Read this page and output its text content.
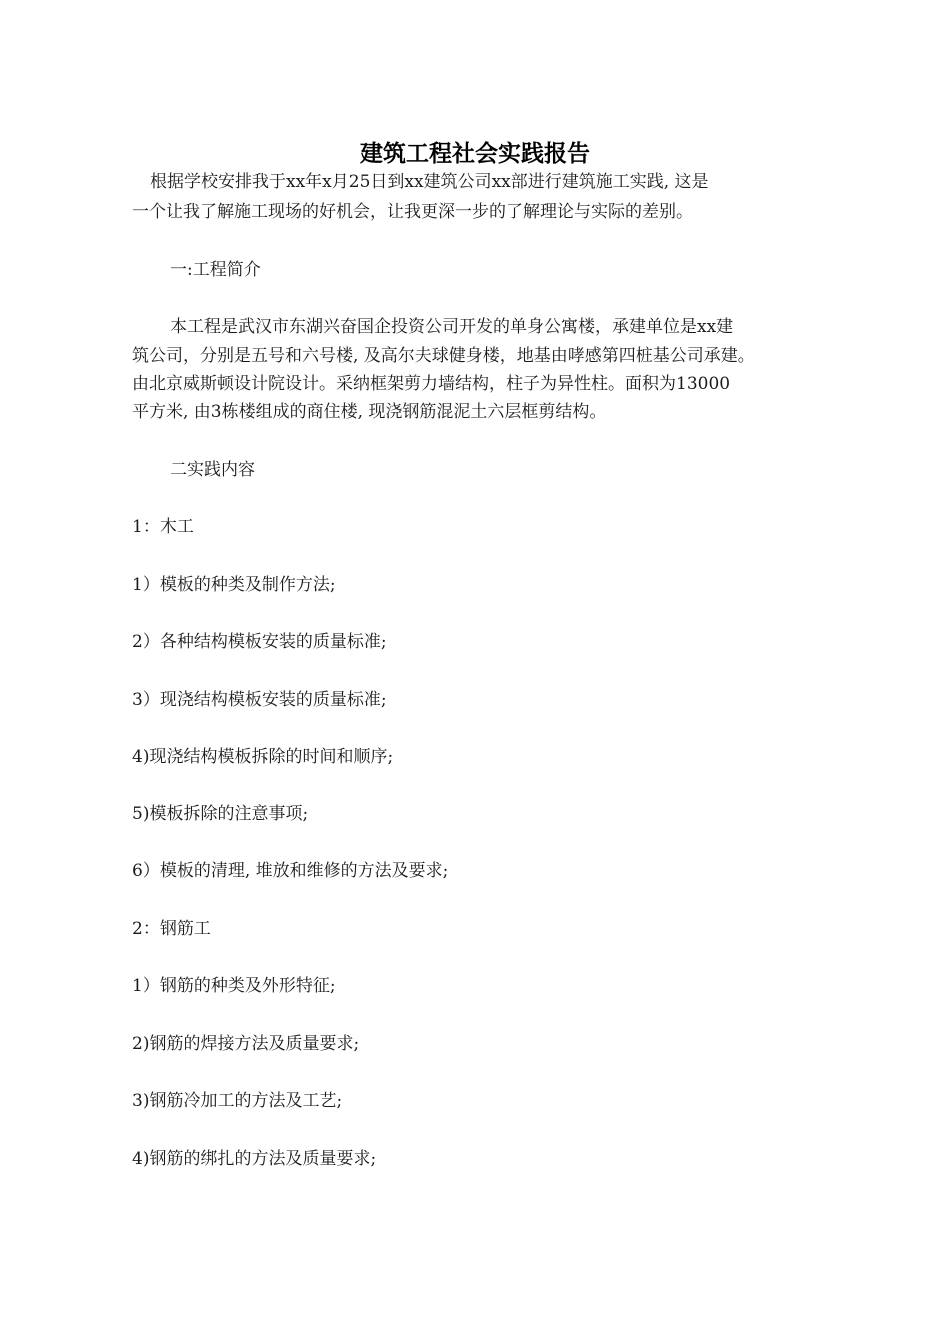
建筑工程社会实践报告
根据学校安排我于xx年x月25日到xx建筑公司xx部进行建筑施工实践, 这是
一个让我了解施工现场的好机会，让我更深一步的了解理论与实际的差别。
一:工程简介
本工程是武汉市东湖兴奋国企投资公司开发的单身公寓楼，承建单位是xx建
筑公司，分别是五号和六号楼, 及高尔夫球健身楼，地基由哮感第四桩基公司承建。
由北京威斯顿设计院设计。采纳框架剪力墙结构，柱子为异性柱。面积为13000
平方米, 由3栋楼组成的商住楼, 现浇钢筋混泥土六层框剪结构。
二实践内容
1：木工
1）模板的种类及制作方法;
2）各种结构模板安装的质量标准;
3）现浇结构模板安装的质量标准;
4)现浇结构模板拆除的时间和顺序;
5)模板拆除的注意事项;
6）模板的清理, 堆放和维修的方法及要求;
2：钢筋工
1）钢筋的种类及外形特征;
2)钢筋的焊接方法及质量要求;
3)钢筋冷加工的方法及工艺;
4)钢筋的绑扎的方法及质量要求;
